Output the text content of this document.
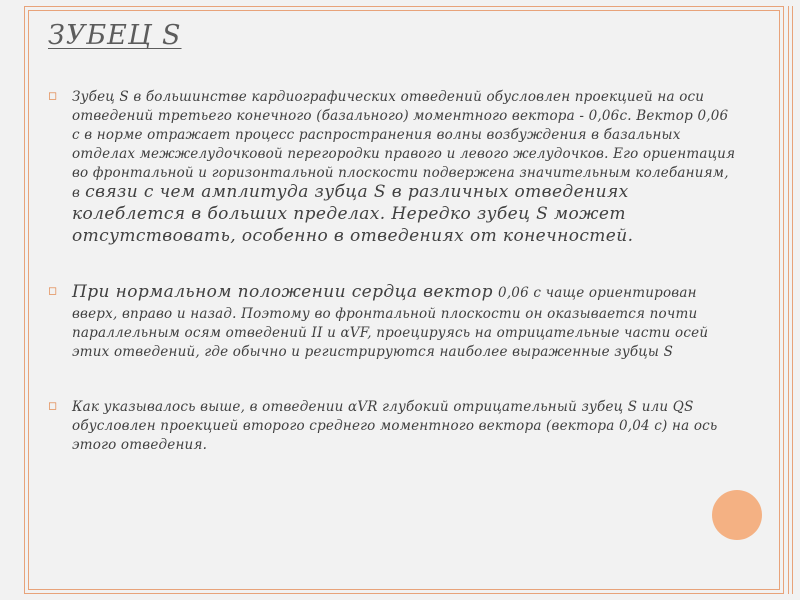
ЗУБЕЦ S
◻ Зубец S в большинстве кардиографических отведений обусловлен проекцией на оси отведений третьего конечного (базального) моментного вектора - 0,06с. Вектор 0,06 с в норме отражает процесс распространения волны возбуждения в базальных отделах межжелудочковой перегородки правого и левого желудочков. Его ориентация во фронтальной и горизонтальной плоскости подвержена значительным колебаниям, в связи с чем амплитуда зубца S в различных отведениях колеблется в больших пределах. Нередко зубец S может отсутствовать, особенно в отведениях от конечностей.
◻ При нормальном положении сердца вектор 0,06 с чаще ориентирован вверх, вправо и назад. Поэтому во фронтальной плоскости он оказывается почти параллельным осям отведений II и αVF, проецируясь на отрицательные части осей этих отведений, где обычно и регистрируются наиболее выраженные зубцы S
◻ Как указывалось выше, в отведении αVR глубокий отрицательный зубец S или QS обусловлен проекцией второго среднего моментного вектора (вектора 0,04 с) на ось этого отведения.
